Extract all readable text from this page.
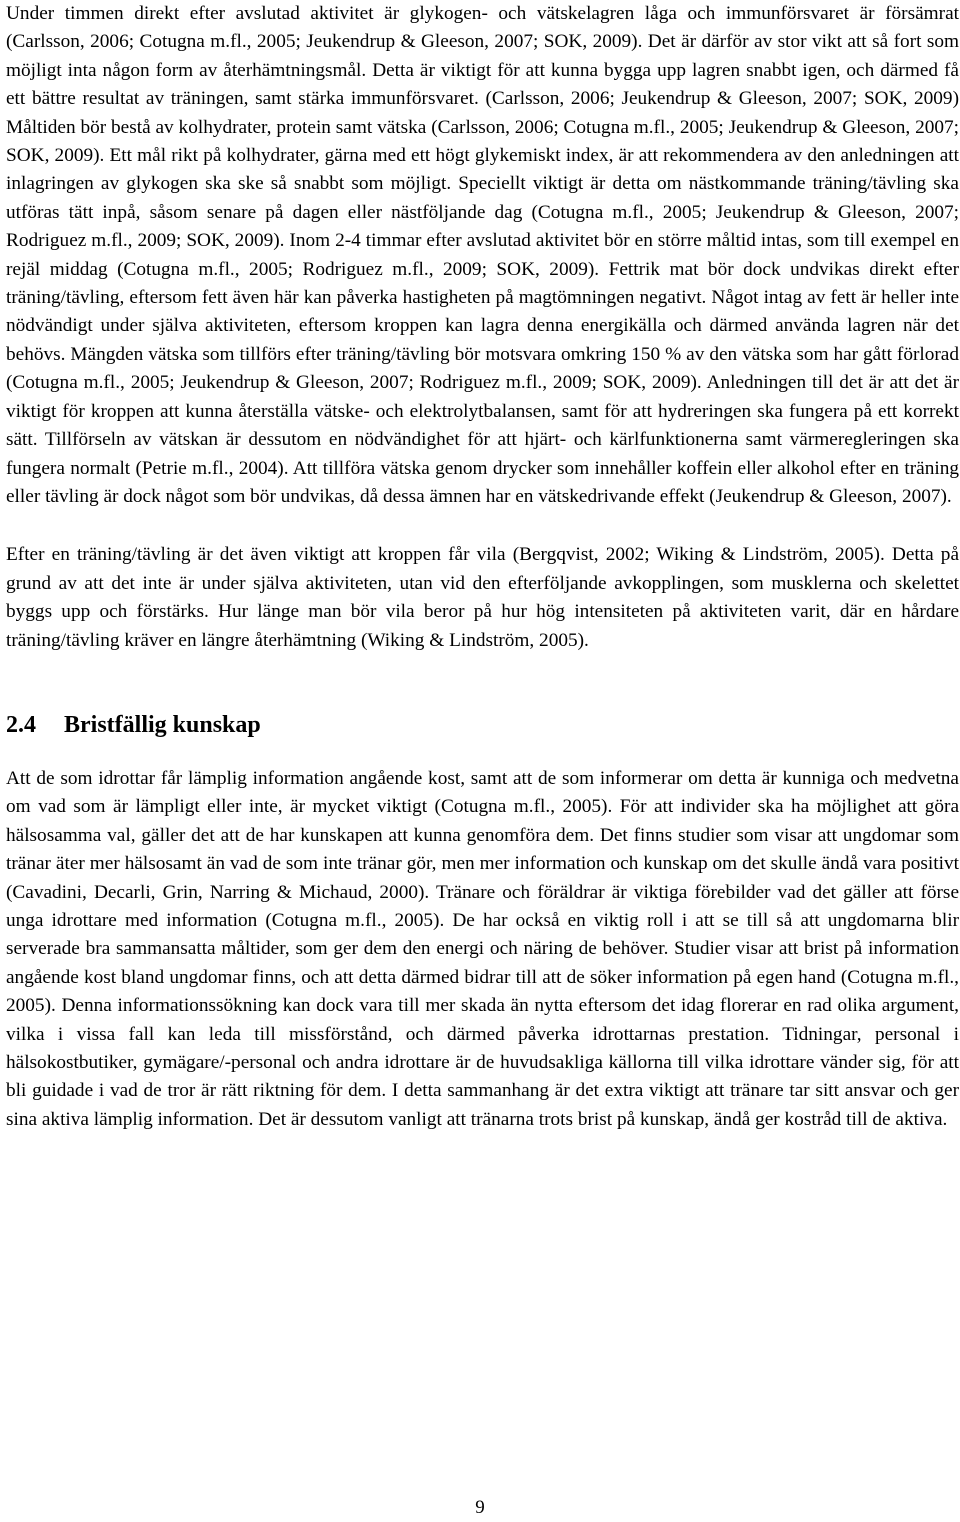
Under timmen direkt efter avslutad aktivitet är glykogen- och vätskelagren låga och immunförsvaret är försämrat (Carlsson, 2006; Cotugna m.fl., 2005; Jeukendrup & Gleeson, 2007; SOK, 2009). Det är därför av stor vikt att så fort som möjligt inta någon form av återhämtningsmål. Detta är viktigt för att kunna bygga upp lagren snabbt igen, och därmed få ett bättre resultat av träningen, samt stärka immunförsvaret. (Carlsson, 2006; Jeukendrup & Gleeson, 2007; SOK, 2009) Måltiden bör bestå av kolhydrater, protein samt vätska (Carlsson, 2006; Cotugna m.fl., 2005; Jeukendrup & Gleeson, 2007; SOK, 2009). Ett mål rikt på kolhydrater, gärna med ett högt glykemiskt index, är att rekommendera av den anledningen att inlagringen av glykogen ska ske så snabbt som möjligt. Speciellt viktigt är detta om nästkommande träning/tävling ska utföras tätt inpå, såsom senare på dagen eller nästföljande dag (Cotugna m.fl., 2005; Jeukendrup & Gleeson, 2007; Rodriguez m.fl., 2009; SOK, 2009). Inom 2-4 timmar efter avslutad aktivitet bör en större måltid intas, som till exempel en rejäl middag (Cotugna m.fl., 2005; Rodriguez m.fl., 2009; SOK, 2009). Fettrik mat bör dock undvikas direkt efter träning/tävling, eftersom fett även här kan påverka hastigheten på magtömningen negativt. Något intag av fett är heller inte nödvändigt under själva aktiviteten, eftersom kroppen kan lagra denna energikälla och därmed använda lagren när det behövs. Mängden vätska som tillförs efter träning/tävling bör motsvara omkring 150 % av den vätska som har gått förlorad (Cotugna m.fl., 2005; Jeukendrup & Gleeson, 2007; Rodriguez m.fl., 2009; SOK, 2009). Anledningen till det är att det är viktigt för kroppen att kunna återställa vätske- och elektrolytbalansen, samt för att hydreringen ska fungera på ett korrekt sätt. Tillförseln av vätskan är dessutom en nödvändighet för att hjärt- och kärlfunktionerna samt värmeregleringen ska fungera normalt (Petrie m.fl., 2004). Att tillföra vätska genom drycker som innehåller koffein eller alkohol efter en träning eller tävling är dock något som bör undvikas, då dessa ämnen har en vätskedrivande effekt (Jeukendrup & Gleeson, 2007).

Efter en träning/tävling är det även viktigt att kroppen får vila (Bergqvist, 2002; Wiking & Lindström, 2005). Detta på grund av att det inte är under själva aktiviteten, utan vid den efterföljande avkopplingen, som musklerna och skelettet byggs upp och förstärks. Hur länge man bör vila beror på hur hög intensiteten på aktiviteten varit, där en hårdare träning/tävling kräver en längre återhämtning (Wiking & Lindström, 2005).

2.4 Bristfällig kunskap

Att de som idrottar får lämplig information angående kost, samt att de som informerar om detta är kunniga och medvetna om vad som är lämpligt eller inte, är mycket viktigt (Cotugna m.fl., 2005). För att individer ska ha möjlighet att göra hälsosamma val, gäller det att de har kunskapen att kunna genomföra dem. Det finns studier som visar att ungdomar som tränar äter mer hälsosamt än vad de som inte tränar gör, men mer information och kunskap om det skulle ändå vara positivt (Cavadini, Decarli, Grin, Narring & Michaud, 2000). Tränare och föräldrar är viktiga förebilder vad det gäller att förse unga idrottare med information (Cotugna m.fl., 2005). De har också en viktig roll i att se till så att ungdomarna blir serverade bra sammansatta måltider, som ger dem den energi och näring de behöver. Studier visar att brist på information angående kost bland ungdomar finns, och att detta därmed bidrar till att de söker information på egen hand (Cotugna m.fl., 2005). Denna informationssökning kan dock vara till mer skada än nytta eftersom det idag florerar en rad olika argument, vilka i vissa fall kan leda till missförstånd, och därmed påverka idrottarnas prestation. Tidningar, personal i hälsokostbutiker, gymägare/-personal och andra idrottare är de huvudsakliga källorna till vilka idrottare vänder sig, för att bli guidade i vad de tror är rätt riktning för dem. I detta sammanhang är det extra viktigt att tränare tar sitt ansvar och ger sina aktiva lämplig information. Det är dessutom vanligt att tränarna trots brist på kunskap, ändå ger kostråd till de aktiva.

9
